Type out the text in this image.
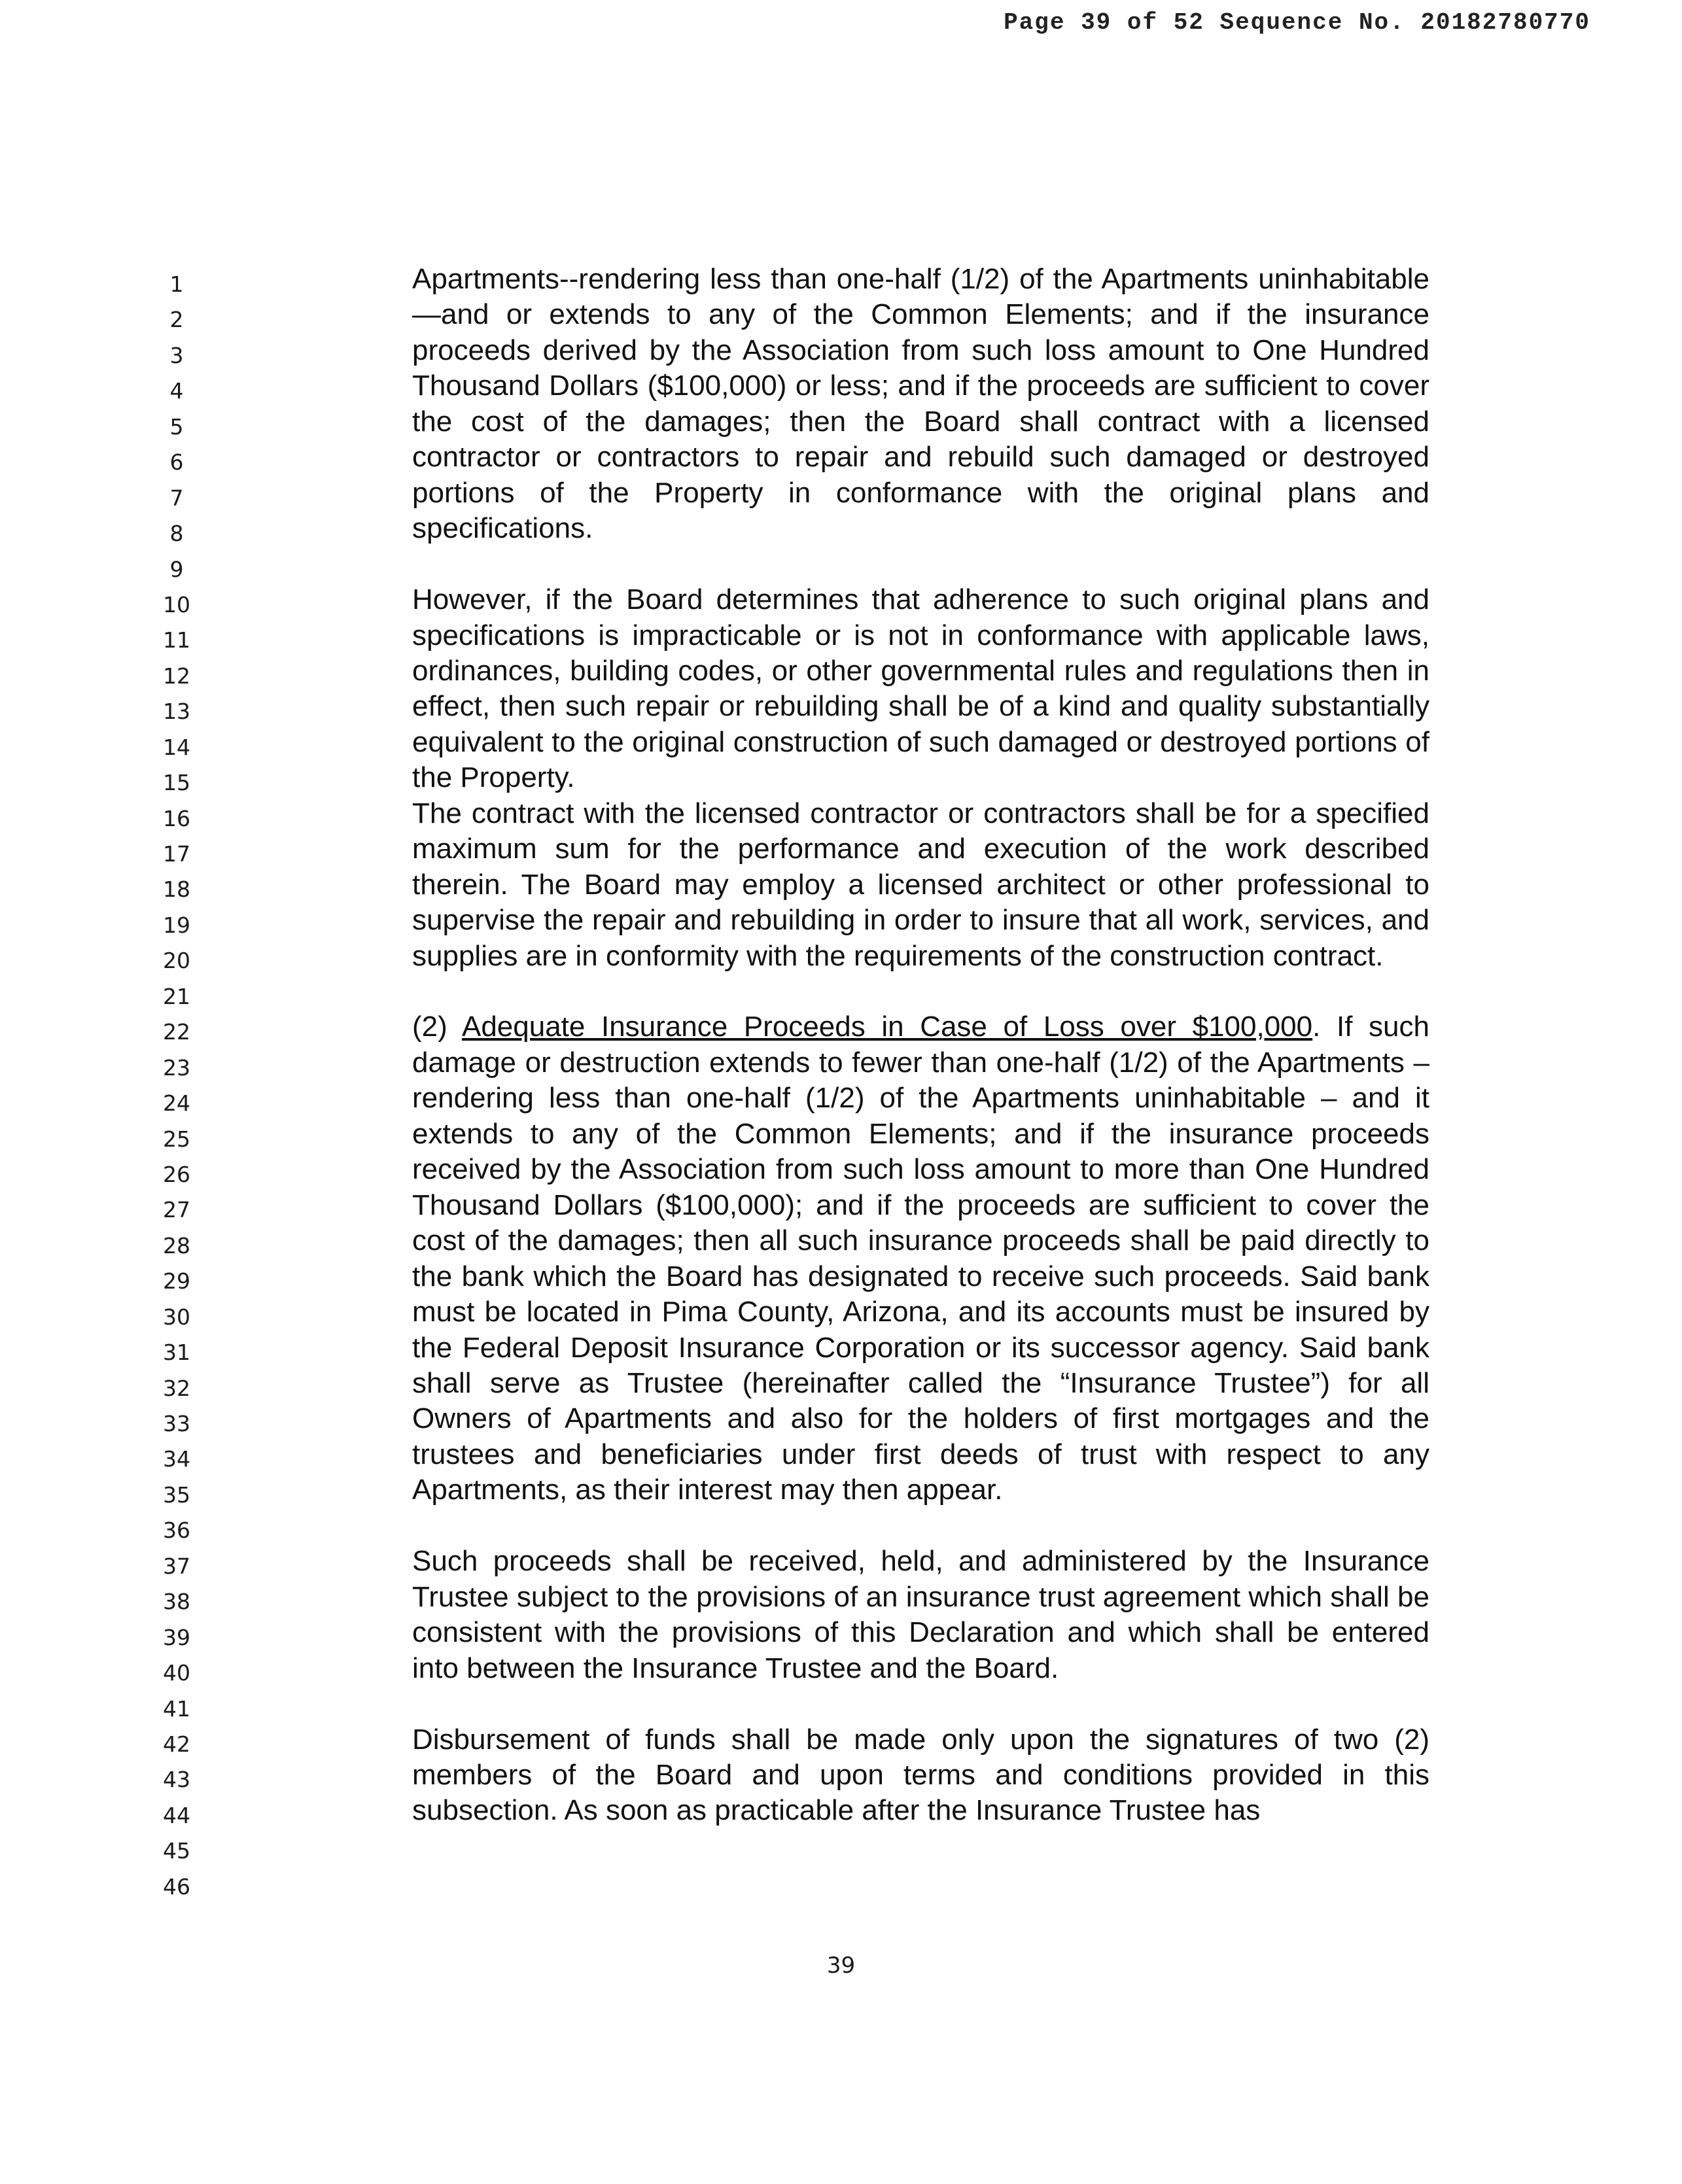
Page 39 of 52 Sequence No. 20182780770
1
2
3
4
5
6
7
8
9
10
11
12
13
14
15
16
17
18
19
20
21
22
23
24
25
26
27
28
29
30
31
32
33
34
35
36
37
38
39
40
41
42
43
44
45
46

Apartments--rendering less than one-half (1/2) of the Apartments uninhabitable—and or extends to any of the Common Elements; and if the insurance proceeds derived by the Association from such loss amount to One Hundred Thousand Dollars ($100,000) or less; and if the proceeds are sufficient to cover the cost of the damages; then the Board shall contract with a licensed contractor or contractors to repair and rebuild such damaged or destroyed portions of the Property in conformance with the original plans and specifications.

However, if the Board determines that adherence to such original plans and specifications is impracticable or is not in conformance with applicable laws, ordinances, building codes, or other governmental rules and regulations then in effect, then such repair or rebuilding shall be of a kind and quality substantially equivalent to the original construction of such damaged or destroyed portions of the Property.

The contract with the licensed contractor or contractors shall be for a specified maximum sum for the performance and execution of the work described therein. The Board may employ a licensed architect or other professional to supervise the repair and rebuilding in order to insure that all work, services, and supplies are in conformity with the requirements of the construction contract.

(2) Adequate Insurance Proceeds in Case of Loss over $100,000. If such damage or destruction extends to fewer than one-half (1/2) of the Apartments – rendering less than one-half (1/2) of the Apartments uninhabitable – and it extends to any of the Common Elements; and if the insurance proceeds received by the Association from such loss amount to more than One Hundred Thousand Dollars ($100,000); and if the proceeds are sufficient to cover the cost of the damages; then all such insurance proceeds shall be paid directly to the bank which the Board has designated to receive such proceeds. Said bank must be located in Pima County, Arizona, and its accounts must be insured by the Federal Deposit Insurance Corporation or its successor agency. Said bank shall serve as Trustee (hereinafter called the “Insurance Trustee”) for all Owners of Apartments and also for the holders of first mortgages and the trustees and beneficiaries under first deeds of trust with respect to any Apartments, as their interest may then appear.

Such proceeds shall be received, held, and administered by the Insurance Trustee subject to the provisions of an insurance trust agreement which shall be consistent with the provisions of this Declaration and which shall be entered into between the Insurance Trustee and the Board.

Disbursement of funds shall be made only upon the signatures of two (2) members of the Board and upon terms and conditions provided in this subsection. As soon as practicable after the Insurance Trustee has

39
